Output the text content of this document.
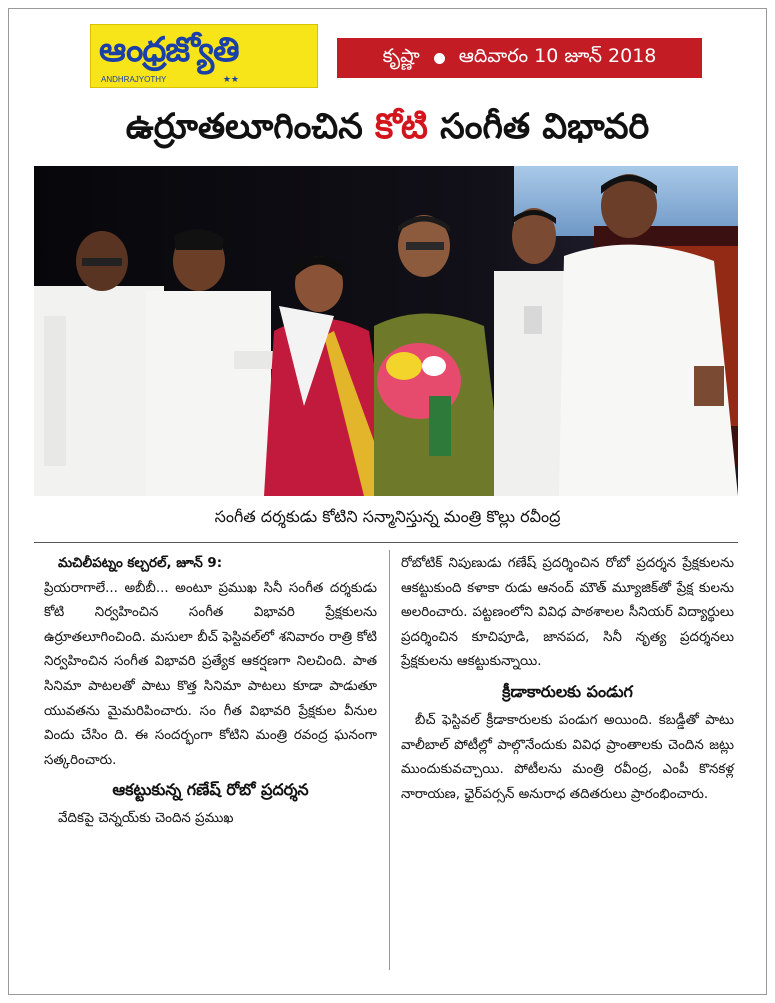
ఆంధ్రజ్యోతి
ANDHRAJYOTHY	★★
కృష్ణా ఆదివారం 10 జూన్ 2018
ఉర్రూతలూగించిన కోటి సంగీత విభావరి
సంగీత దర్శకుడు కోటిని సన్మానిస్తున్న మంత్రి కొల్లు రవీంద్ర

మచిలీపట్నం కల్చరల్, జూన్ 9:

ప్రియరాగాలే... అబీబీ... అంటూ ప్రముఖ సినీ సంగీత దర్శకుడు కోటి నిర్వహించిన సంగీత విభావరి ప్రేక్షకులను ఉర్రూతలూగించింది. మసులా బీచ్ ఫెస్టివల్‌లో శనివారం రాత్రి కోటి నిర్వహించిన సంగీత విభావరి ప్రత్యేక ఆకర్షణగా నిలచింది. పాత సినిమా పాటలతో పాటు కొత్త సినిమా పాటలు కూడా పాడుతూ యువతను మైమరిపించారు. సం గీత విభావరి ప్రేక్షకుల వీనుల విందు చేసిం ది. ఈ సందర్భంగా కోటిని మంత్రి రవంద్ర ఘనంగా సత్కరించారు.

ఆకట్టుకున్న గణేష్ రోబో ప్రదర్శన

వేదికపై చెన్నయ్‌కు చెందిన ప్రముఖ

రోబోటిక్ నిపుణుడు గణేష్ ప్రదర్శించిన రోబో ప్రదర్శన ప్రేక్షకులను ఆకట్టుకుంది కళాకా రుడు ఆనంద్ మౌత్ మ్యూజిక్‌తో ప్రేక్ష కులను అలరించారు. పట్టణంలోని వివిధ పాఠశాలల సీనియర్ విద్యార్థులు ప్రదర్శించిన కూచిపూడి, జానపద, సినీ నృత్య ప్రదర్శనలు ప్రేక్షకులను ఆకట్టుకున్నాయి.

క్రీడాకారులకు పండుగ

బీచ్ ఫెస్టివల్ క్రీడాకారులకు పండుగ అయింది. కబడ్డీతో పాటు వాలీబాల్ పోటీల్లో పాల్గొనేందుకు వివిధ ప్రాంతాలకు చెందిన జట్లు ముందుకువచ్చాయి. పోటీలను మంత్రి రవీంద్ర, ఎంపీ కొనకళ్ల నారాయణ, ఛైర్‌పర్సన్ అనురాధ తదితరులు ప్రారంభించారు.
